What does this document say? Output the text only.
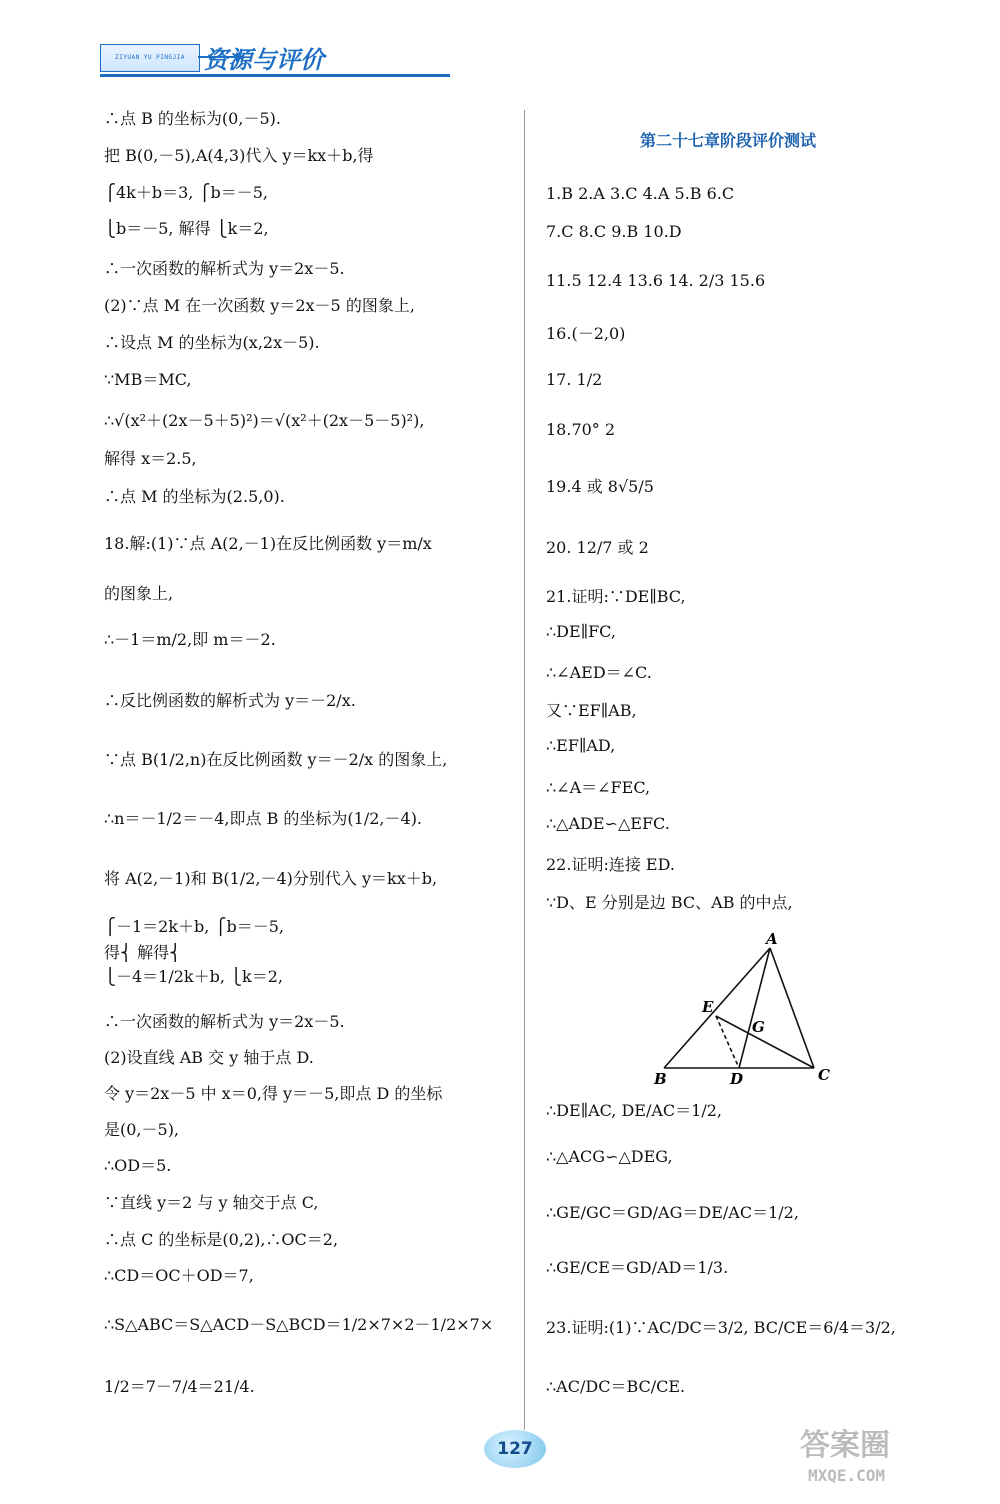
ZIYUAN YU PINGJIA 资源与评价
∴点 B 的坐标为(0,－5).
把 B(0,－5),A(4,3)代入 y＝kx＋b,得
⎧4k＋b＝3, ⎧b＝－5,
⎩b＝－5, 解得 ⎩k＝2,
∴一次函数的解析式为 y＝2x－5.
(2)∵点 M 在一次函数 y＝2x－5 的图象上,
∴设点 M 的坐标为(x,2x－5).
∵MB＝MC,
∴√(x²＋(2x－5＋5)²)＝√(x²＋(2x－5－5)²),
解得 x＝2.5,
∴点 M 的坐标为(2.5,0).
18.解:(1)∵点 A(2,－1)在反比例函数 y＝m/x
的图象上,
∴－1＝m/2,即 m＝－2.
∴反比例函数的解析式为 y＝－2/x.
∵点 B(1/2,n)在反比例函数 y＝－2/x 的图象上,
∴n＝－1/2＝－4,即点 B 的坐标为(1/2,－4).
将 A(2,－1)和 B(1/2,－4)分别代入 y＝kx＋b,
⎧－1＝2k＋b, ⎧b＝－5,
得⎨ 解得⎨
⎩－4＝1/2k＋b, ⎩k＝2,
∴一次函数的解析式为 y＝2x－5.
(2)设直线 AB 交 y 轴于点 D.
令 y＝2x－5 中 x＝0,得 y＝－5,即点 D 的坐标
是(0,－5),
∴OD＝5.
∵直线 y＝2 与 y 轴交于点 C,
∴点 C 的坐标是(0,2),∴OC＝2,
∴CD＝OC＋OD＝7,
∴S△ABC＝S△ACD－S△BCD＝1/2×7×2－1/2×7×
1/2＝7－7/4＝21/4.
第二十七章阶段评价测试
1.B 2.A 3.C 4.A 5.B 6.C
7.C 8.C 9.B 10.D
11.5 12.4 13.6 14. 2/3 15.6
16.(－2,0)
17. 1/2
18.70° 2
19.4 或 8√5/5
20. 12/7 或 2
21.证明:∵DE∥BC,
∴DE∥FC,
∴∠AED＝∠C.
又∵EF∥AB,
∴EF∥AD,
∴∠A＝∠FEC,
∴△ADE∽△EFC.
22.证明:连接 ED.
∵D、E 分别是边 BC、AB 的中点,
∴DE∥AC, DE/AC＝1/2,
∴△ACG∽△DEG,
∴GE/GC＝GD/AG＝DE/AC＝1/2,
∴GE/CE＝GD/AD＝1/3.
23.证明:(1)∵AC/DC＝3/2, BC/CE＝6/4＝3/2,
∴AC/DC＝BC/CE.
A
E
G
B	D	C
127	答案圈
MXQE.COM
